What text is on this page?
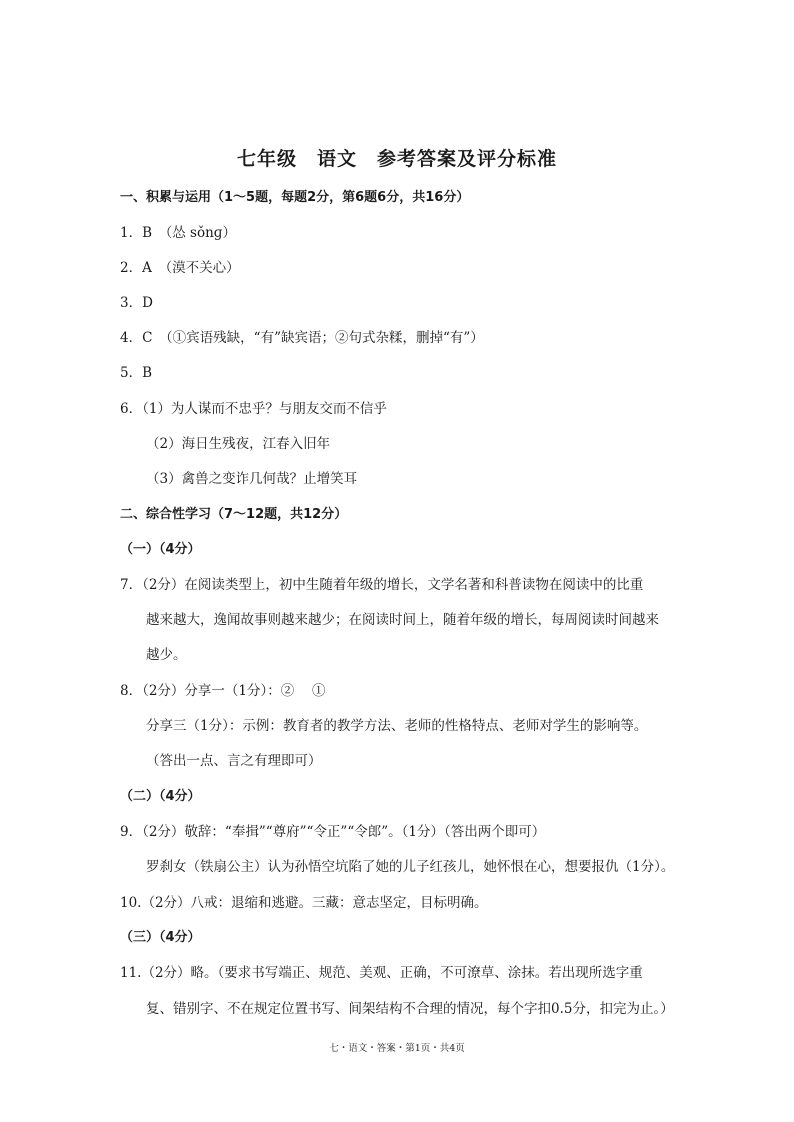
七年级　语文　参考答案及评分标准
一、积累与运用（1～5题，每题2分，第6题6分，共16分）
1．B　（怂 sǒnɡ）
2．A　（漠不关心）
3．D
4．C　（①宾语残缺，“有”缺宾语；②句式杂糅，删掉“有”）
5．B
6．（1）为人谋而不忠乎？与朋友交而不信乎
（2）海日生残夜，江春入旧年
（3）禽兽之变诈几何哉？止增笑耳
二、综合性学习（7～12题，共12分）
（一）（4分）
7．（2分）在阅读类型上，初中生随着年级的增长，文学名著和科普读物在阅读中的比重
越来越大，逸闻故事则越来越少；在阅读时间上，随着年级的增长，每周阅读时间越来
越少。
8．（2分）分享一（1分）：②　 ①
分享三（1分）：示例：教育者的教学方法、老师的性格特点、老师对学生的影响等。
（答出一点、言之有理即可）
（二）（4分）
9．（2分）敬辞：“奉揖”“尊府”“令正”“令郎”。（1分）（答出两个即可）
罗刹女（铁扇公主）认为孙悟空坑陷了她的儿子红孩儿，她怀恨在心，想要报仇（1分）。
10.（2分）八戒：退缩和逃避。三藏：意志坚定，目标明确。
（三）（4分）
11.（2分）略。（要求书写端正、规范、美观、正确，不可潦草、涂抹。若出现所选字重
复、错别字、不在规定位置书写、间架结构不合理的情况，每个字扣0.5分，扣完为止。）
七・语文・答案・第1页・共4页
